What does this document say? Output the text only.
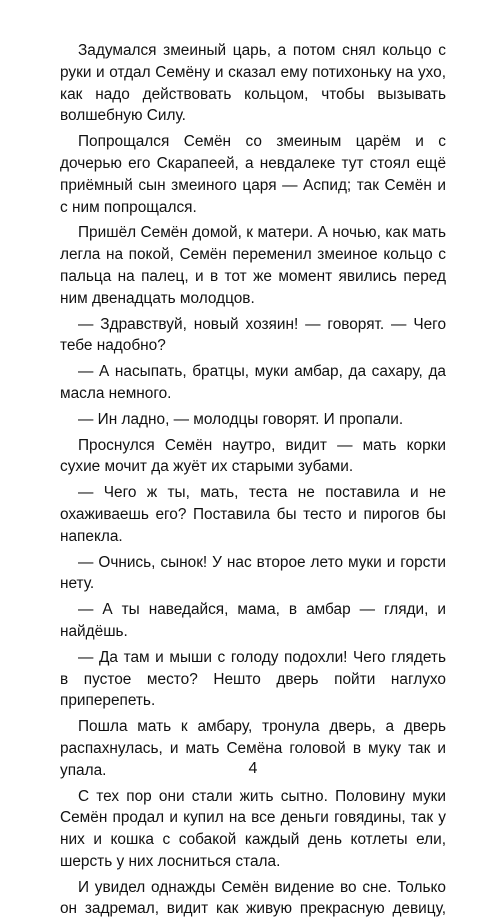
Задумался змеиный царь, а потом снял кольцо с руки и отдал Семёну и сказал ему потихоньку на ухо, как надо действовать кольцом, чтобы вызывать волшебную Силу.

Попрощался Семён со змеиным царём и с дочерью его Скарапеей, а невдалеке тут стоял ещё приёмный сын змеиного царя — Аспид; так Семён и с ним попрощался.

Пришёл Семён домой, к матери. А ночью, как мать легла на покой, Семён переменил змеиное кольцо с пальца на палец, и в тот же момент явились перед ним двенадцать молодцов.

— Здравствуй, новый хозяин! — говорят. — Чего тебе надобно?

— А насыпать, братцы, муки амбар, да сахару, да масла немного.

— Ин ладно, — молодцы говорят. И пропали.

Проснулся Семён наутро, видит — мать корки сухие мочит да жуёт их старыми зубами.

— Чего ж ты, мать, теста не поставила и не охаживаешь его? Поставила бы тесто и пирогов бы напекла.

— Очнись, сынок! У нас второе лето муки и горсти нету.

— А ты наведайся, мама, в амбар — гляди, и найдёшь.

— Да там и мыши с голоду подохли! Чего глядеть в пустое место? Нешто дверь пойти наглухо приперепеть.

Пошла мать к амбару, тронула дверь, а дверь распахнулась, и мать Семёна головой в муку так и упала.

С тех пор они стали жить сытно. Половину муки Семён продал и купил на все деньги говядины, так у них и кошка с собакой каждый день котлеты ели, шерсть у них лосниться стала.

И увидел однажды Семён видение во сне. Только он задремал, видит как живую прекрасную девицу,

4
